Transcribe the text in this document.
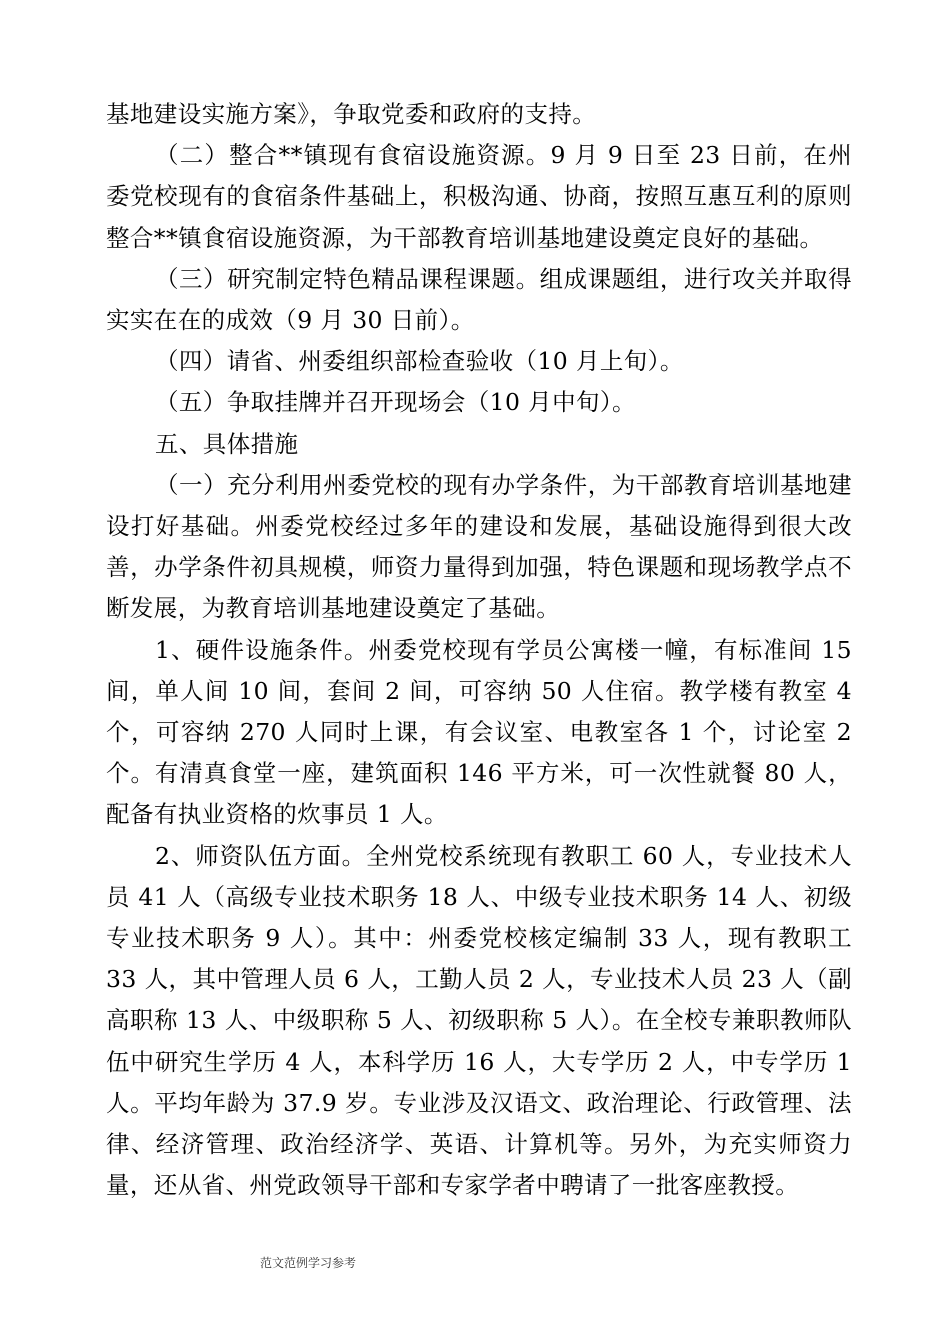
基地建设实施方案》，争取党委和政府的支持。

（二）整合**镇现有食宿设施资源。9 月 9 日至 23 日前，在州委党校现有的食宿条件基础上，积极沟通、协商，按照互惠互利的原则整合**镇食宿设施资源，为干部教育培训基地建设奠定良好的基础。

（三）研究制定特色精品课程课题。组成课题组，进行攻关并取得实实在在的成效（9 月 30 日前）。

（四）请省、州委组织部检查验收（10 月上旬）。

（五）争取挂牌并召开现场会（10 月中旬）。

五、具体措施

（一）充分利用州委党校的现有办学条件，为干部教育培训基地建设打好基础。州委党校经过多年的建设和发展，基础设施得到很大改善，办学条件初具规模，师资力量得到加强，特色课题和现场教学点不断发展，为教育培训基地建设奠定了基础。

1、硬件设施条件。州委党校现有学员公寓楼一幢，有标准间 15 间，单人间 10 间，套间 2 间，可容纳 50 人住宿。教学楼有教室 4 个，可容纳 270 人同时上课，有会议室、电教室各 1 个，讨论室 2 个。有清真食堂一座，建筑面积 146 平方米，可一次性就餐 80 人，配备有执业资格的炊事员 1 人。

2、师资队伍方面。全州党校系统现有教职工 60 人，专业技术人员 41 人（高级专业技术职务 18 人、中级专业技术职务 14 人、初级专业技术职务 9 人）。其中：州委党校核定编制 33 人，现有教职工 33 人，其中管理人员 6 人，工勤人员 2 人，专业技术人员 23 人（副高职称 13 人、中级职称 5 人、初级职称 5 人）。在全校专兼职教师队伍中研究生学历 4 人，本科学历 16 人，大专学历 2 人，中专学历 1 人。平均年龄为 37.9 岁。专业涉及汉语文、政治理论、行政管理、法律、经济管理、政治经济学、英语、计算机等。另外，为充实师资力量，还从省、州党政领导干部和专家学者中聘请了一批客座教授。

范文范例学习参考
